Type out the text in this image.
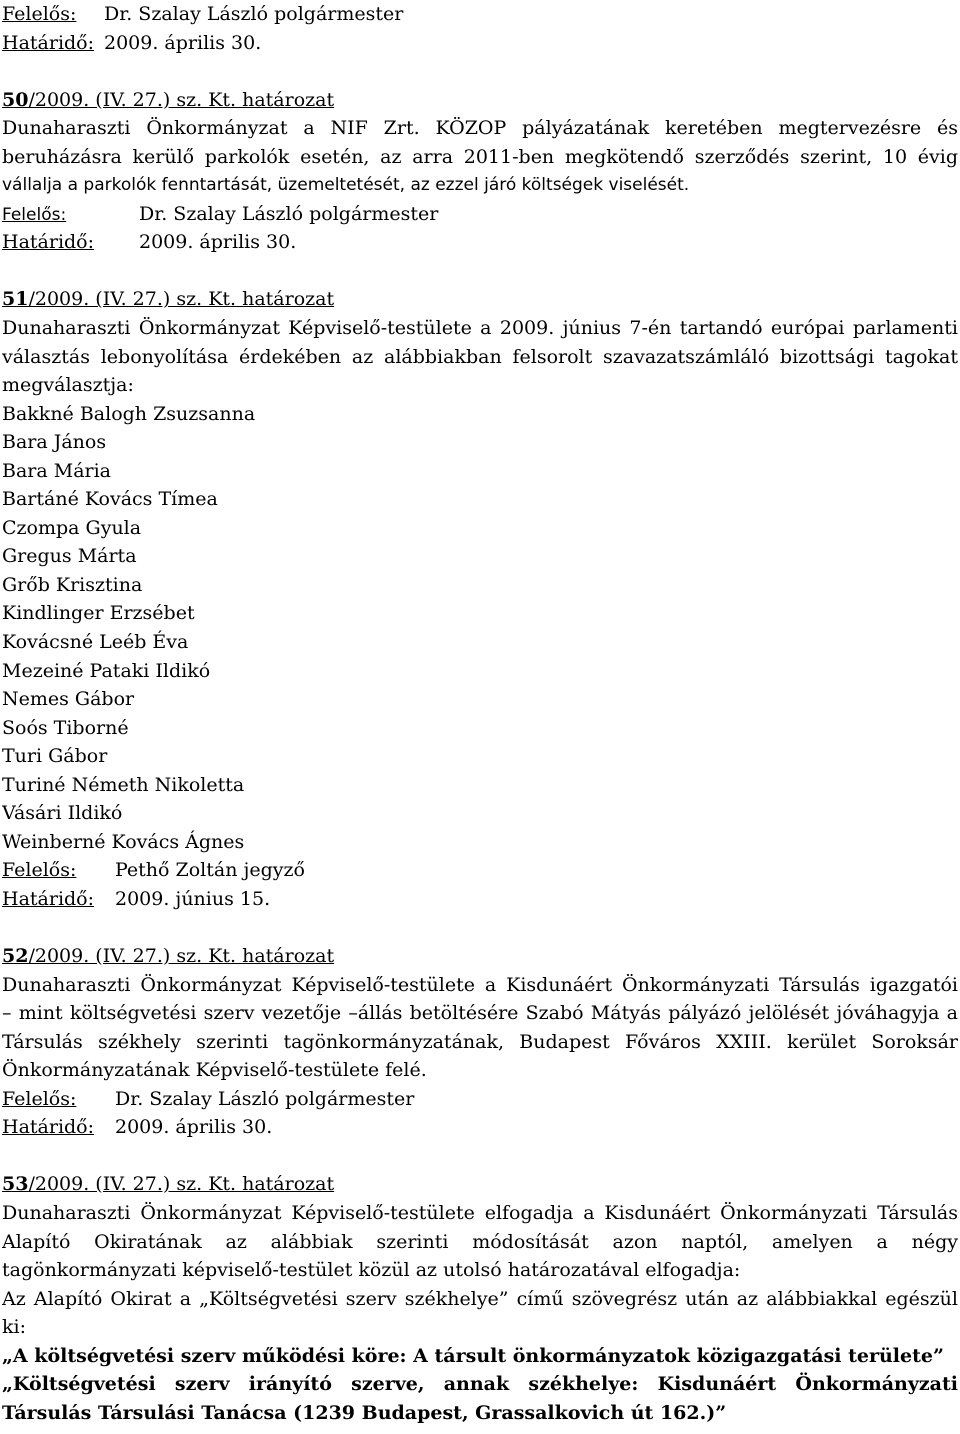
Felelős: Dr. Szalay László polgármester
Határidő: 2009. április 30.
50/2009. (IV. 27.) sz. Kt. határozat
Dunaharaszti Önkormányzat a NIF Zrt. KÖZOP pályázatának keretében megtervezésre és
beruházásra kerülő parkolók esetén, az arra 2011-ben megkötendő szerződés szerint, 10 évig
vállalja a parkolók fenntartását, üzemeltetését, az ezzel járó költségek viselését.
Felelős:	Dr. Szalay László polgármester
Határidő: 2009. április 30.
51/2009. (IV. 27.) sz. Kt. határozat
Dunaharaszti Önkormányzat Képviselő-testülete a 2009. június 7-én tartandó európai parlamenti
választás lebonyolítása érdekében az alábbiakban felsorolt szavazatszámláló bizottsági tagokat
megválasztja:
Bakkné Balogh Zsuzsanna
Bara János
Bara Mária
Bartáné Kovács Tímea
Czompa Gyula
Gregus Márta
Grőb Krisztina
Kindlinger Erzsébet
Kovácsné Leéb Éva
Mezeiné Pataki Ildikó
Nemes Gábor
Soós Tiborné
Turi Gábor
Turiné Németh Nikoletta
Vásári Ildikó
Weinberné Kovács Ágnes
Felelős: Pethő Zoltán jegyző
Határidő: 2009. június 15.
52/2009. (IV. 27.) sz. Kt. határozat
Dunaharaszti Önkormányzat Képviselő-testülete a Kisdunáért Önkormányzati Társulás igazgatói
– mint költségvetési szerv vezetője –állás betöltésére Szabó Mátyás pályázó jelölését jóváhagyja a
Társulás székhely szerinti tagönkormányzatának, Budapest Főváros XXIII. kerület Soroksár
Önkormányzatának Képviselő-testülete felé.
Felelős: Dr. Szalay László polgármester
Határidő: 2009. április 30.
53/2009. (IV. 27.) sz. Kt. határozat
Dunaharaszti Önkormányzat Képviselő-testülete elfogadja a Kisdunáért Önkormányzati Társulás
Alapító Okiratának az alábbiak szerinti módosítását azon naptól, amelyen a négy
tagönkormányzati képviselő-testület közül az utolsó határozatával elfogadja:
Az Alapító Okirat a „Költségvetési szerv székhelye” című szövegrész után az alábbiakkal egészül
ki:
„A költségvetési szerv működési köre: A társult önkormányzatok közigazgatási területe”
„Költségvetési szerv irányító szerve, annak székhelye: Kisdunáért Önkormányzati
Társulás Társulási Tanácsa (1239 Budapest, Grassalkovich út 162.)”
